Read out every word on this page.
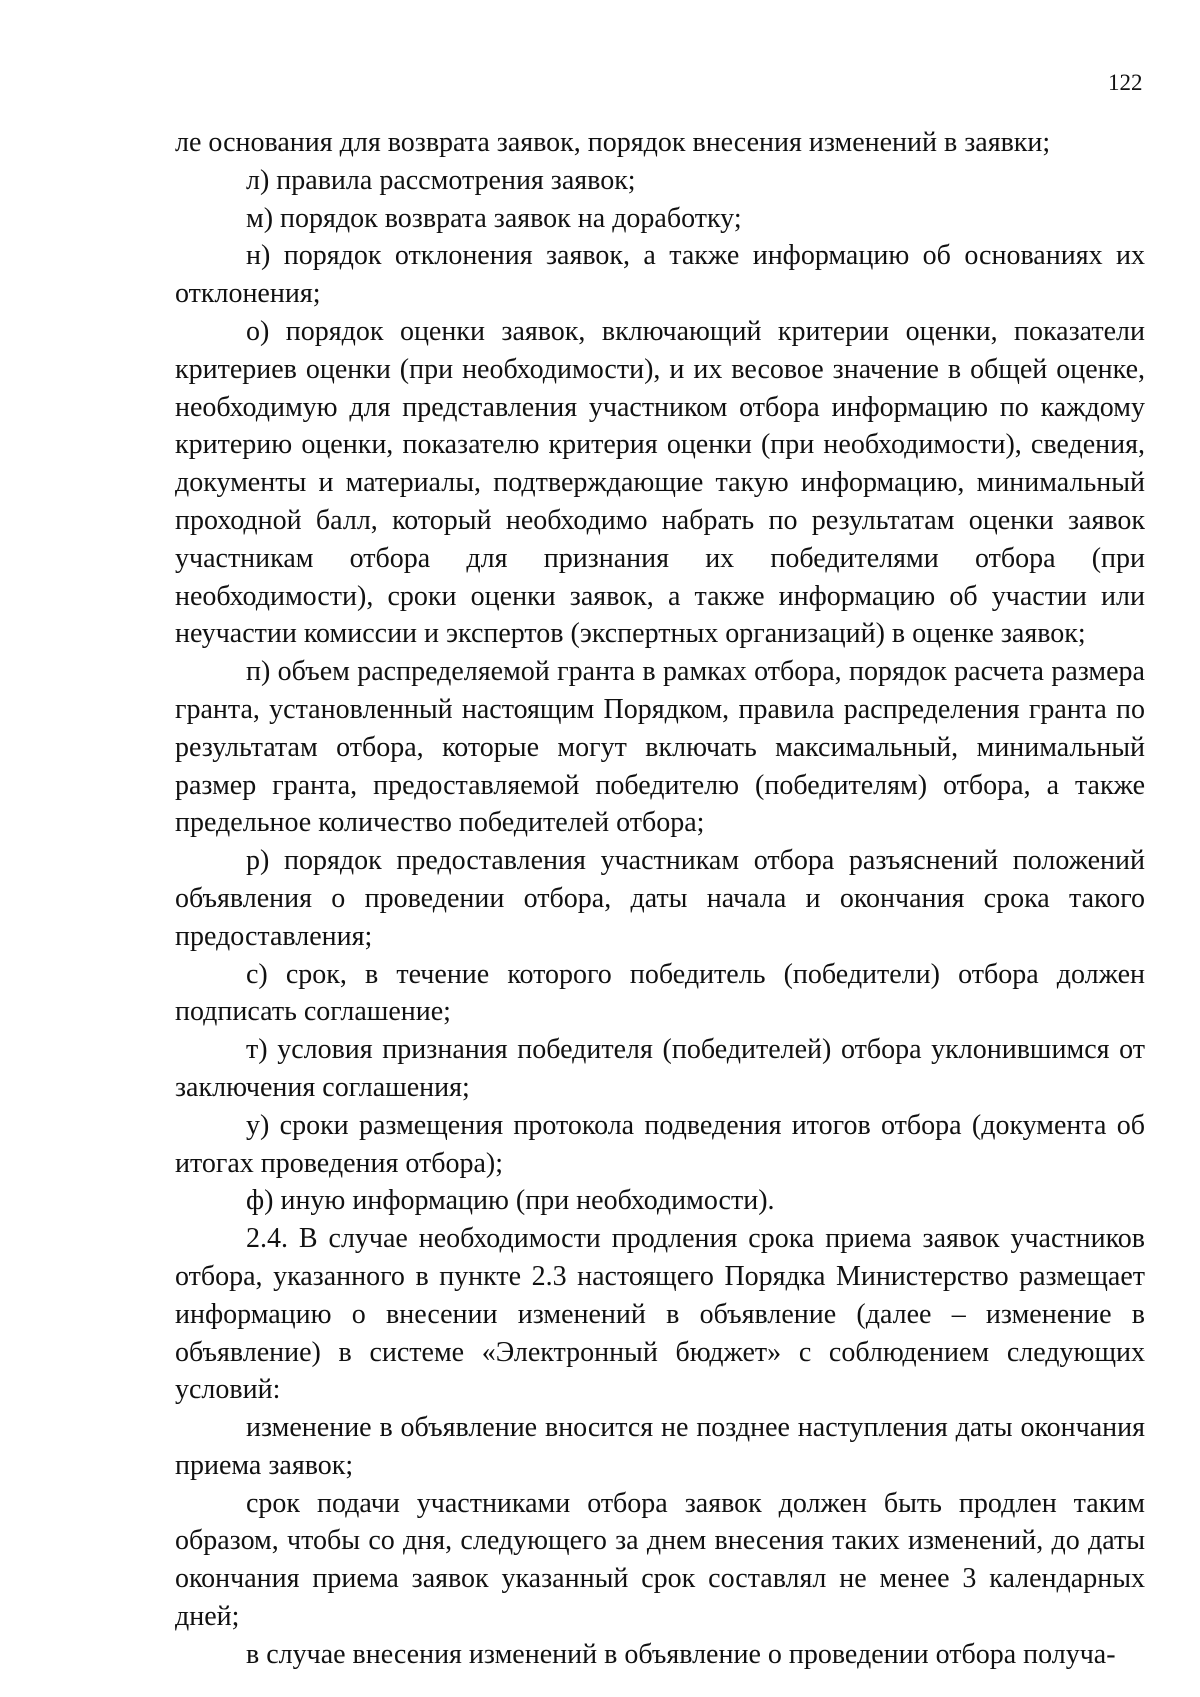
122

ле основания для возврата заявок, порядок внесения изменений в заявки;

л) правила рассмотрения заявок;

м) порядок возврата заявок на доработку;

н) порядок отклонения заявок, а также информацию об основаниях их отклонения;

о) порядок оценки заявок, включающий критерии оценки, показатели критериев оценки (при необходимости), и их весовое значение в общей оценке, необходимую для представления участником отбора информацию по каждому критерию оценки, показателю критерия оценки (при необходимости), сведения, документы и материалы, подтверждающие такую информацию, минимальный проходной балл, который необходимо набрать по результатам оценки заявок участникам отбора для признания их победителями отбора (при необходимости), сроки оценки заявок, а также информацию об участии или неучастии комиссии и экспертов (экспертных организаций) в оценке заявок;

п) объем распределяемой гранта в рамках отбора, порядок расчета размера гранта, установленный настоящим Порядком, правила распределения гранта по результатам отбора, которые могут включать максимальный, минимальный размер гранта, предоставляемой победителю (победителям) отбора, а также предельное количество победителей отбора;

р) порядок предоставления участникам отбора разъяснений положений объявления о проведении отбора, даты начала и окончания срока такого предоставления;

с) срок, в течение которого победитель (победители) отбора должен подписать соглашение;

т) условия признания победителя (победителей) отбора уклонившимся от заключения соглашения;

у) сроки размещения протокола подведения итогов отбора (документа об итогах проведения отбора);

ф) иную информацию (при необходимости).

2.4. В случае необходимости продления срока приема заявок участников отбора, указанного в пункте 2.3 настоящего Порядка Министерство размещает информацию о внесении изменений в объявление (далее – изменение в объявление) в системе «Электронный бюджет» с соблюдением следующих условий:

изменение в объявление вносится не позднее наступления даты окончания приема заявок;

срок подачи участниками отбора заявок должен быть продлен таким образом, чтобы со дня, следующего за днем внесения таких изменений, до даты окончания приема заявок указанный срок составлял не менее 3 календарных дней;

в случае внесения изменений в объявление о проведении отбора получа-
